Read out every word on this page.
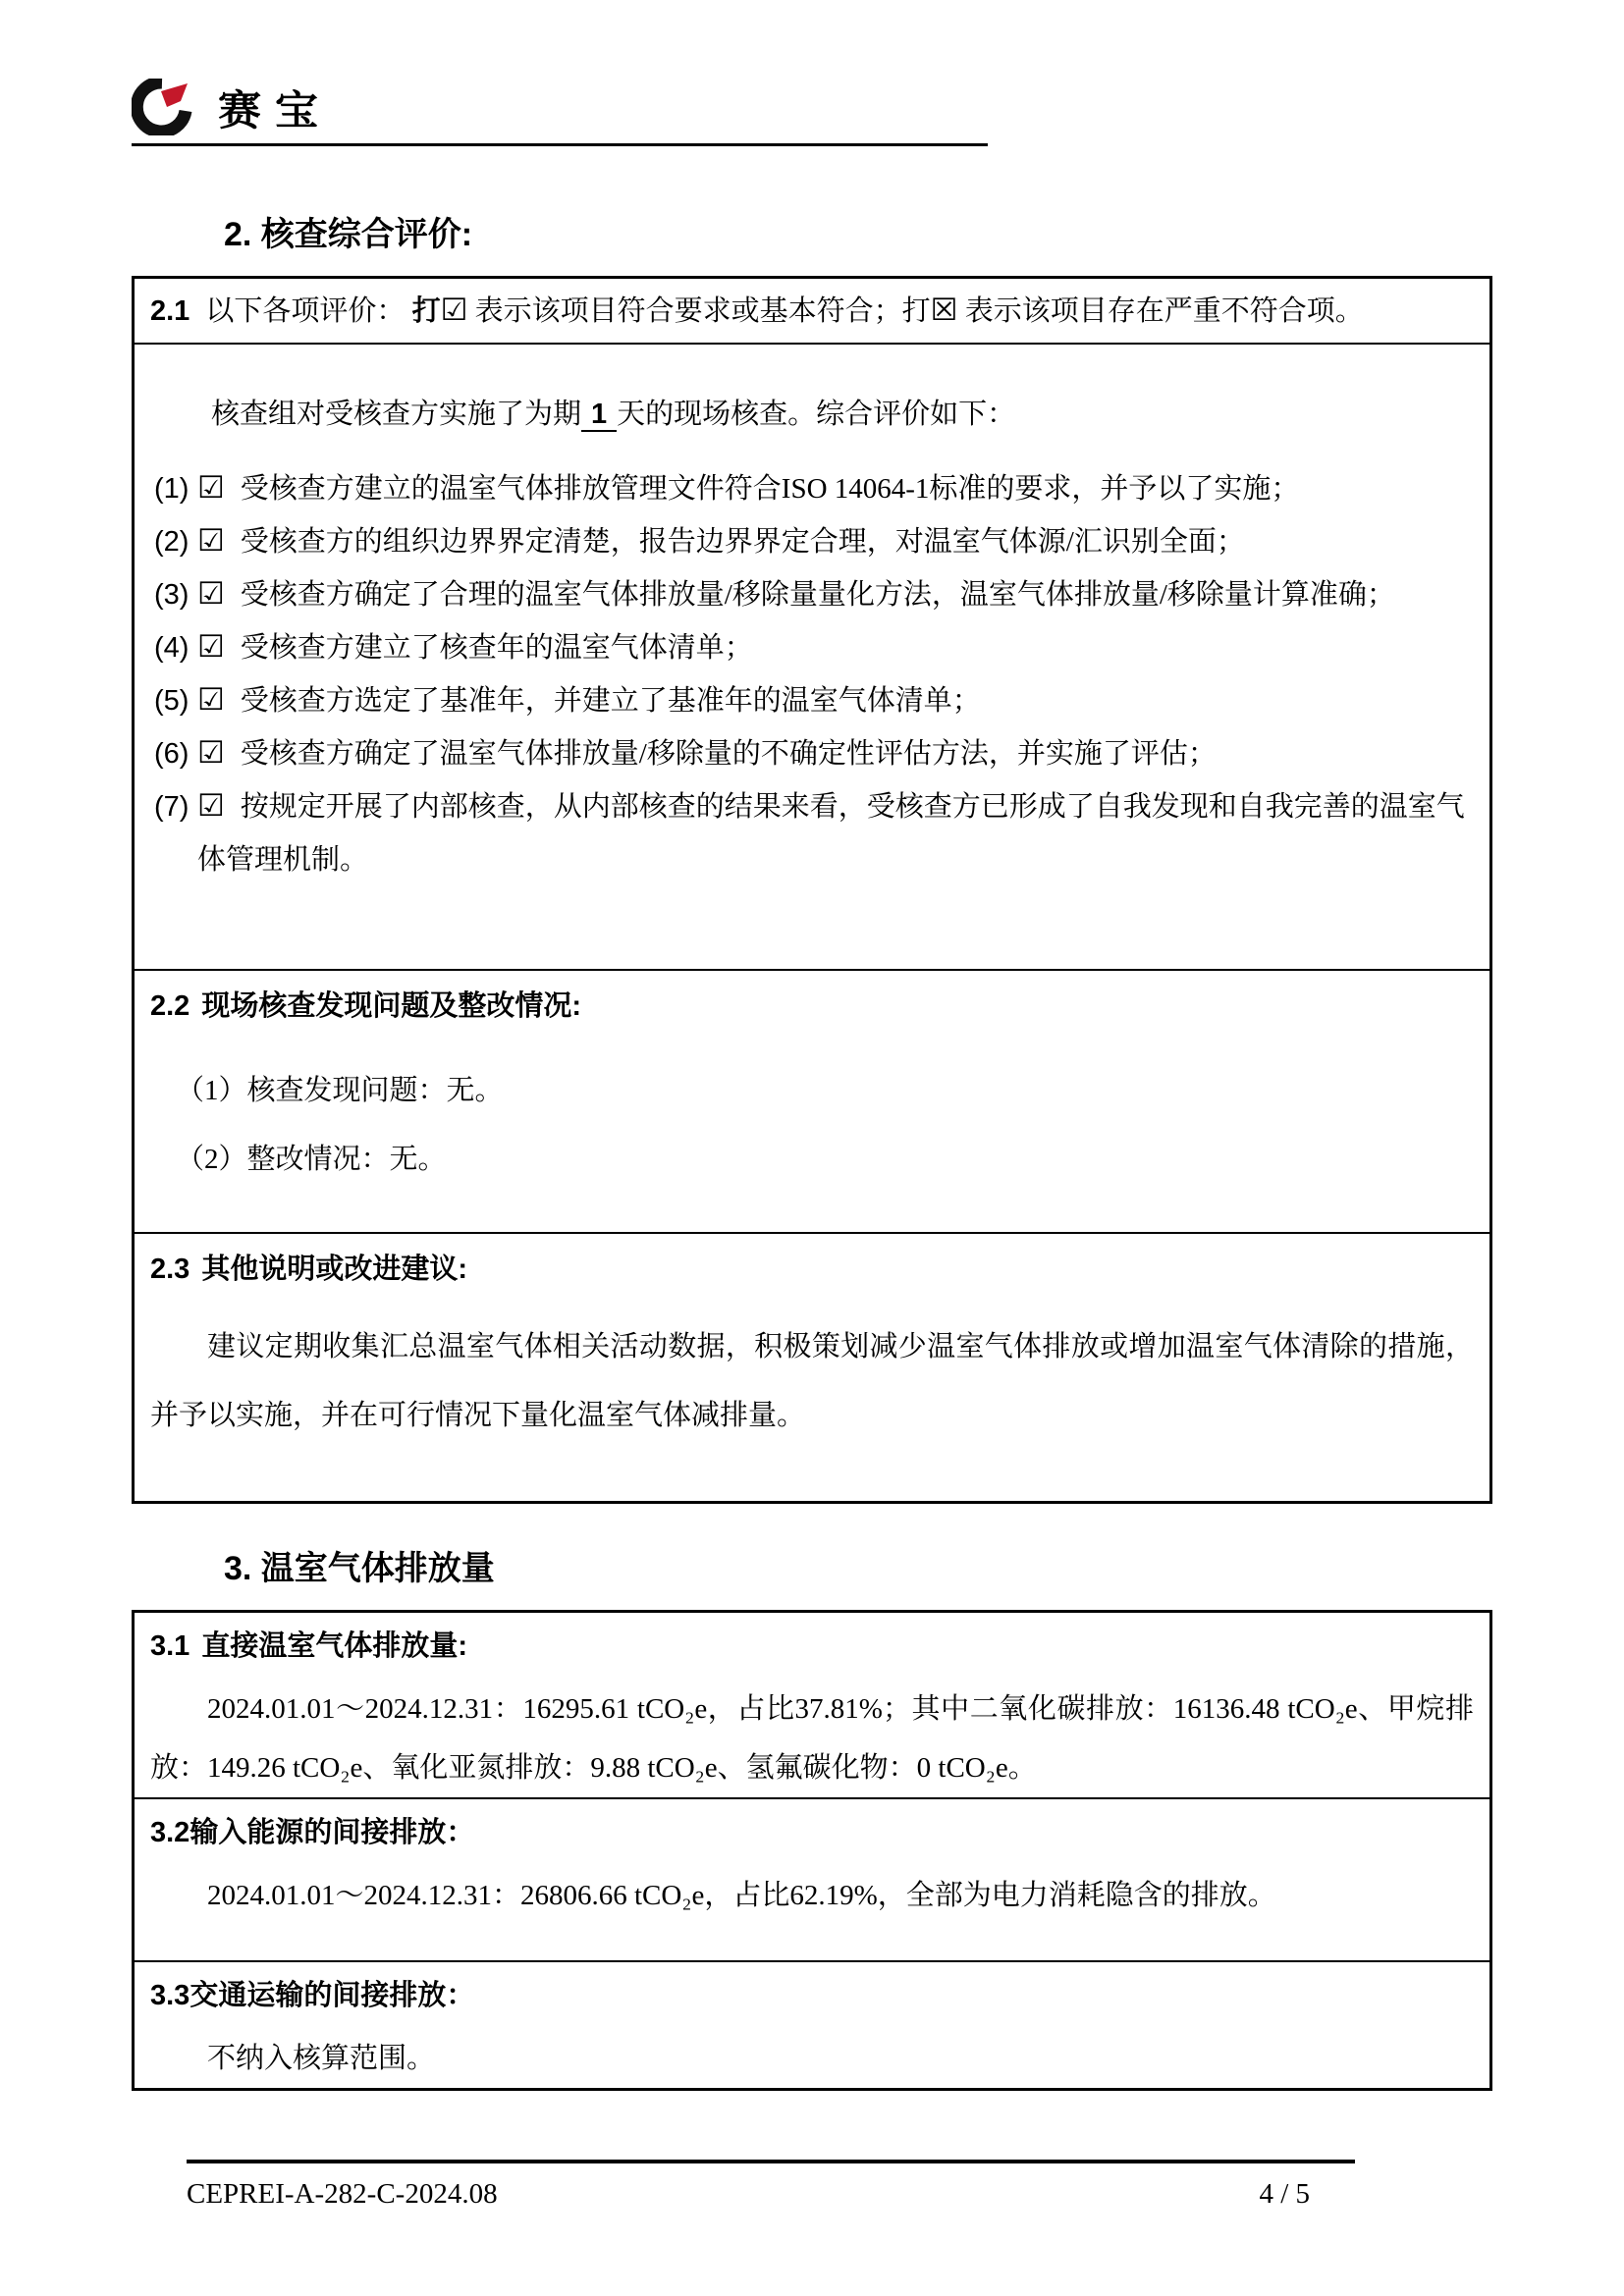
赛宝
2. 核查综合评价:
2.1 以下各项评价： 打☑ 表示该项目符合要求或基本符合；打☒ 表示该项目存在严重不符合项。
核查组对受核查方实施了为期 1 天的现场核查。综合评价如下：
(1) ☑ 受核查方建立的温室气体排放管理文件符合ISO 14064-1标准的要求，并予以了实施；
(2) ☑ 受核查方的组织边界界定清楚，报告边界界定合理，对温室气体源/汇识别全面；
(3) ☑ 受核查方确定了合理的温室气体排放量/移除量量化方法，温室气体排放量/移除量计算准确；
(4) ☑ 受核查方建立了核查年的温室气体清单；
(5) ☑ 受核查方选定了基准年，并建立了基准年的温室气体清单；
(6) ☑ 受核查方确定了温室气体排放量/移除量的不确定性评估方法，并实施了评估；
(7) ☑ 按规定开展了内部核查，从内部核查的结果来看，受核查方已形成了自我发现和自我完善的温室气体管理机制。
2.2 现场核查发现问题及整改情况:
（1）核查发现问题：无。
（2）整改情况：无。
2.3 其他说明或改进建议:
建议定期收集汇总温室气体相关活动数据，积极策划减少温室气体排放或增加温室气体清除的措施，并予以实施，并在可行情况下量化温室气体减排量。
3. 温室气体排放量
3.1 直接温室气体排放量:
2024.01.01～2024.12.31：16295.61 tCO₂e，占比37.81%；其中二氧化碳排放：16136.48 tCO₂e、甲烷排放：149.26 tCO₂e、氧化亚氮排放：9.88 tCO₂e、氢氟碳化物：0 tCO₂e。
3.2输入能源的间接排放：
2024.01.01～2024.12.31：26806.66 tCO₂e，占比62.19%，全部为电力消耗隐含的排放。
3.3交通运输的间接排放：
不纳入核算范围。
CEPREI-A-282-C-2024.08	4 / 5
